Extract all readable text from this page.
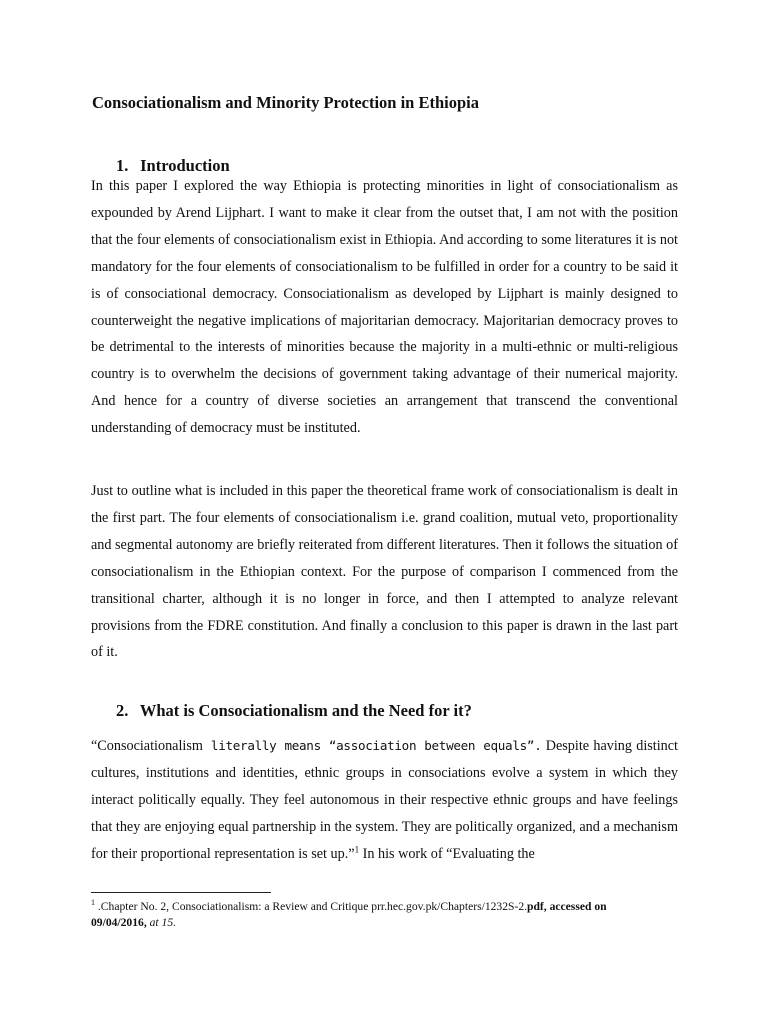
Consociationalism and Minority Protection in Ethiopia
1. Introduction

In this paper I explored the way Ethiopia is protecting minorities in light of consociationalism as expounded by Arend Lijphart. I want to make it clear from the outset that, I am not with the position that the four elements of consociationalism exist in Ethiopia. And according to some literatures it is not mandatory for the four elements of consociationalism to be fulfilled in order for a country to be said it is of consociational democracy. Consociationalism as developed by Lijphart is mainly designed to counterweight the negative implications of majoritarian democracy. Majoritarian democracy proves to be detrimental to the interests of minorities because the majority in a multi-ethnic or multi-religious country is to overwhelm the decisions of government taking advantage of their numerical majority. And hence for a country of diverse societies an arrangement that transcend the conventional understanding of democracy must be instituted.

Just to outline what is included in this paper the theoretical frame work of consociationalism is dealt in the first part. The four elements of consociationalism i.e. grand coalition, mutual veto, proportionality and segmental autonomy are briefly reiterated from different literatures. Then it follows the situation of consociationalism in the Ethiopian context. For the purpose of comparison I commenced from the transitional charter, although it is no longer in force, and then I attempted to analyze relevant provisions from the FDRE constitution. And finally a conclusion to this paper is drawn in the last part of it.

2. What is Consociationalism and the Need for it?

“Consociationalism literally means “association between equals”. Despite having distinct cultures, institutions and identities, ethnic groups in consociations evolve a system in which they interact politically equally. They feel autonomous in their respective ethnic groups and have feelings that they are enjoying equal partnership in the system. They are politically organized, and a mechanism for their proportional representation is set up.”$^1$ In his work of “Evaluating the

$^1$ .Chapter No. 2, Consociationalism: a Review and Critique prr.hec.gov.pk/Chapters/1232S-2.pdf, accessed on 09/04/2016, at 15.
